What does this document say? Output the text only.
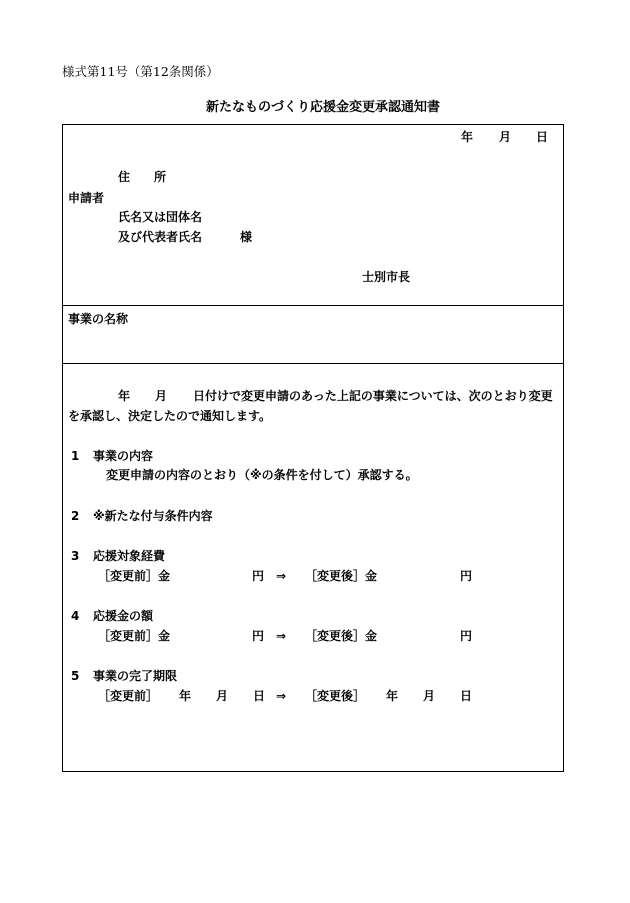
様式第11号（第12条関係）
新たなものづくり応援金変更承認通知書
年 月 日
住　　所
申請者
氏名又は団体名
及び代表者氏名	様
士別市長
事業の名称
年 月 日付けで変更申請のあった上記の事業については、次のとおり変更
を承認し、決定したので通知します。
1 事業の内容
変更申請の内容のとおり（※の条件を付して）承認する。
2 ※新たな付与条件内容
3 応援対象経費
［変更前］金	円 ⇒ ［変更後］金	円
4 応援金の額
［変更前］金	円 ⇒ ［変更後］金	円
5 事業の完了期限
［変更前］ 年 月 日 ⇒ ［変更後］ 年 月 日
